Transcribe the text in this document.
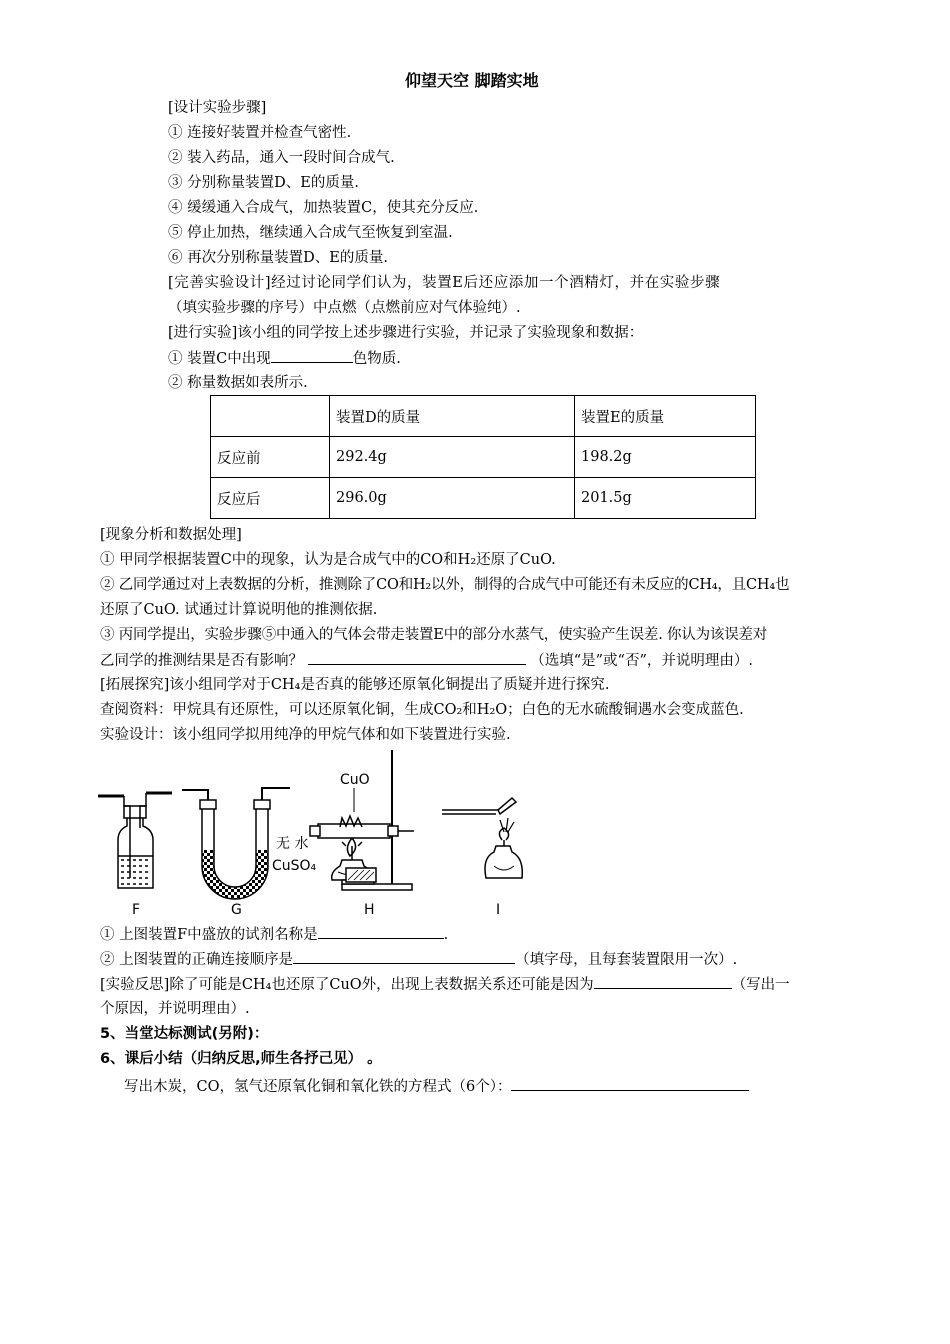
仰望天空 脚踏实地
[设计实验步骤]
① 连接好装置并检查气密性.
② 装入药品，通入一段时间合成气.
③ 分别称量装置D、E的质量.
④ 缓缓通入合成气，加热装置C，使其充分反应.
⑤ 停止加热，继续通入合成气至恢复到室温.
⑥ 再次分别称量装置D、E的质量.
[完善实验设计]经过讨论同学们认为，装置E后还应添加一个酒精灯，并在实验步骤
（填实验步骤的序号）中点燃（点燃前应对气体验纯）.
[进行实验]该小组的同学按上述步骤进行实验，并记录了实验现象和数据：
① 装置C中出现	色物质.
② 称量数据如表所示.
	装置D的质量	装置E的质量
反应前	292.4g	198.2g
反应后	296.0g	201.5g
[现象分析和数据处理]
① 甲同学根据装置C中的现象，认为是合成气中的CO和H₂还原了CuO.
② 乙同学通过对上表数据的分析，推测除了CO和H₂以外，制得的合成气中可能还有未反应的CH₄，且CH₄也
还原了CuO. 试通过计算说明他的推测依据.
③ 丙同学提出，实验步骤⑤中通入的气体会带走装置E中的部分水蒸气，使实验产生误差. 你认为该误差对
乙同学的推测结果是否有影响？	（选填“是”或“否”，并说明理由）.
[拓展探究]该小组同学对于CH₄是否真的能够还原氧化铜提出了质疑并进行探究.
查阅资料：甲烷具有还原性，可以还原氧化铜，生成CO₂和H₂O；白色的无水硫酸铜遇水会变成蓝色.
实验设计：该小组同学拟用纯净的甲烷气体和如下装置进行实验.
无 水
CuSO₄
CuO
F	G	H	I
① 上图装置F中盛放的试剂名称是	.
② 上图装置的正确连接顺序是	（填字母，且每套装置限用一次）.
[实验反思]除了可能是CH₄也还原了CuO外，出现上表数据关系还可能是因为	（写出一
个原因，并说明理由）.
5、当堂达标测试(另附)：
6、课后小结（归纳反思,师生各抒己见） 。
写出木炭，CO，氢气还原氧化铜和氧化铁的方程式（6个）：
